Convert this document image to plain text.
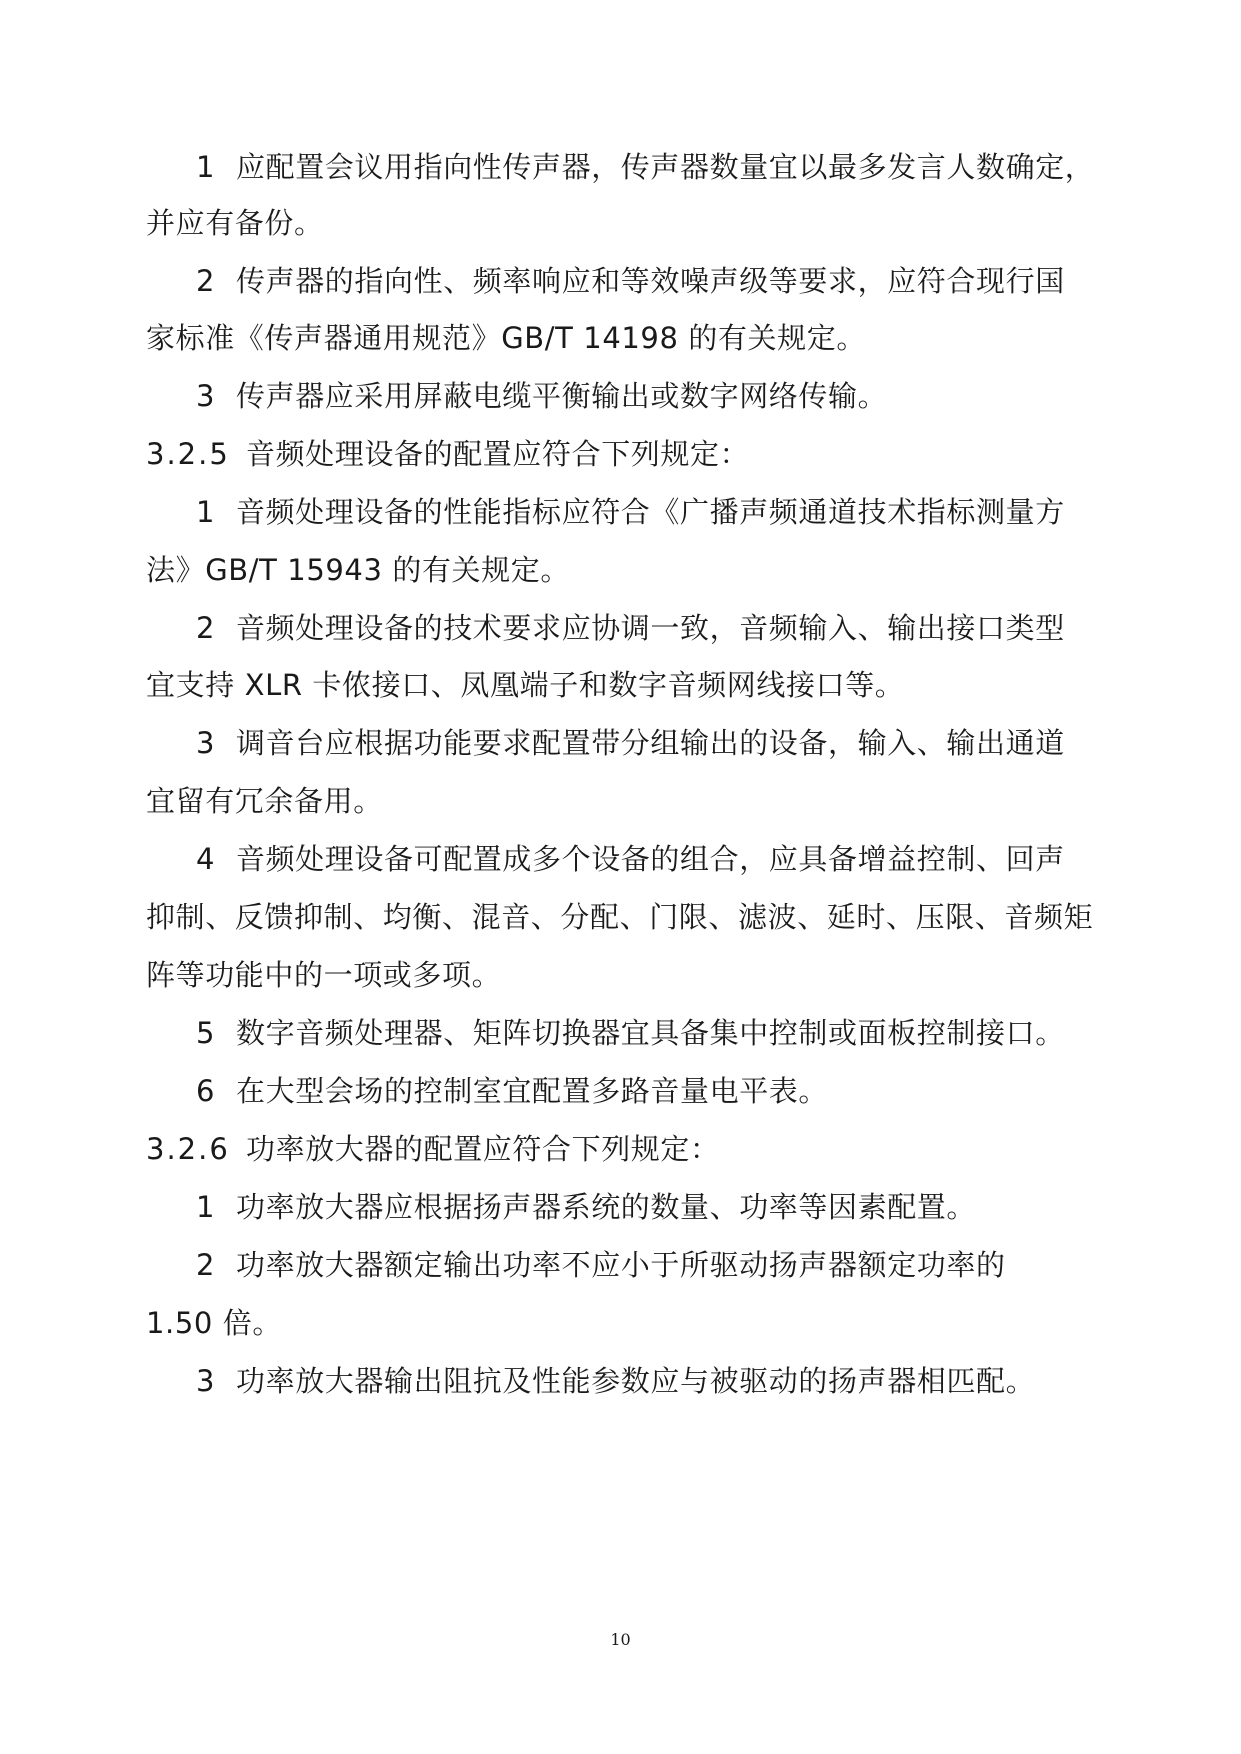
1 应配置会议用指向性传声器，传声器数量宜以最多发言人数确定，
并应有备份。
2 传声器的指向性、频率响应和等效噪声级等要求，应符合现行国
家标准《传声器通用规范》GB/T 14198 的有关规定。
3 传声器应采用屏蔽电缆平衡输出或数字网络传输。
3.2.5 音频处理设备的配置应符合下列规定：
1 音频处理设备的性能指标应符合《广播声频通道技术指标测量方
法》GB/T 15943 的有关规定。
2 音频处理设备的技术要求应协调一致，音频输入、输出接口类型
宜支持 XLR 卡侬接口、凤凰端子和数字音频网线接口等。
3 调音台应根据功能要求配置带分组输出的设备，输入、输出通道
宜留有冗余备用。
4 音频处理设备可配置成多个设备的组合，应具备增益控制、回声
抑制、反馈抑制、均衡、混音、分配、门限、滤波、延时、压限、音频矩
阵等功能中的一项或多项。
5 数字音频处理器、矩阵切换器宜具备集中控制或面板控制接口。
6 在大型会场的控制室宜配置多路音量电平表。
3.2.6 功率放大器的配置应符合下列规定：
1 功率放大器应根据扬声器系统的数量、功率等因素配置。
2 功率放大器额定输出功率不应小于所驱动扬声器额定功率的
1.50 倍。
3 功率放大器输出阻抗及性能参数应与被驱动的扬声器相匹配。
10
